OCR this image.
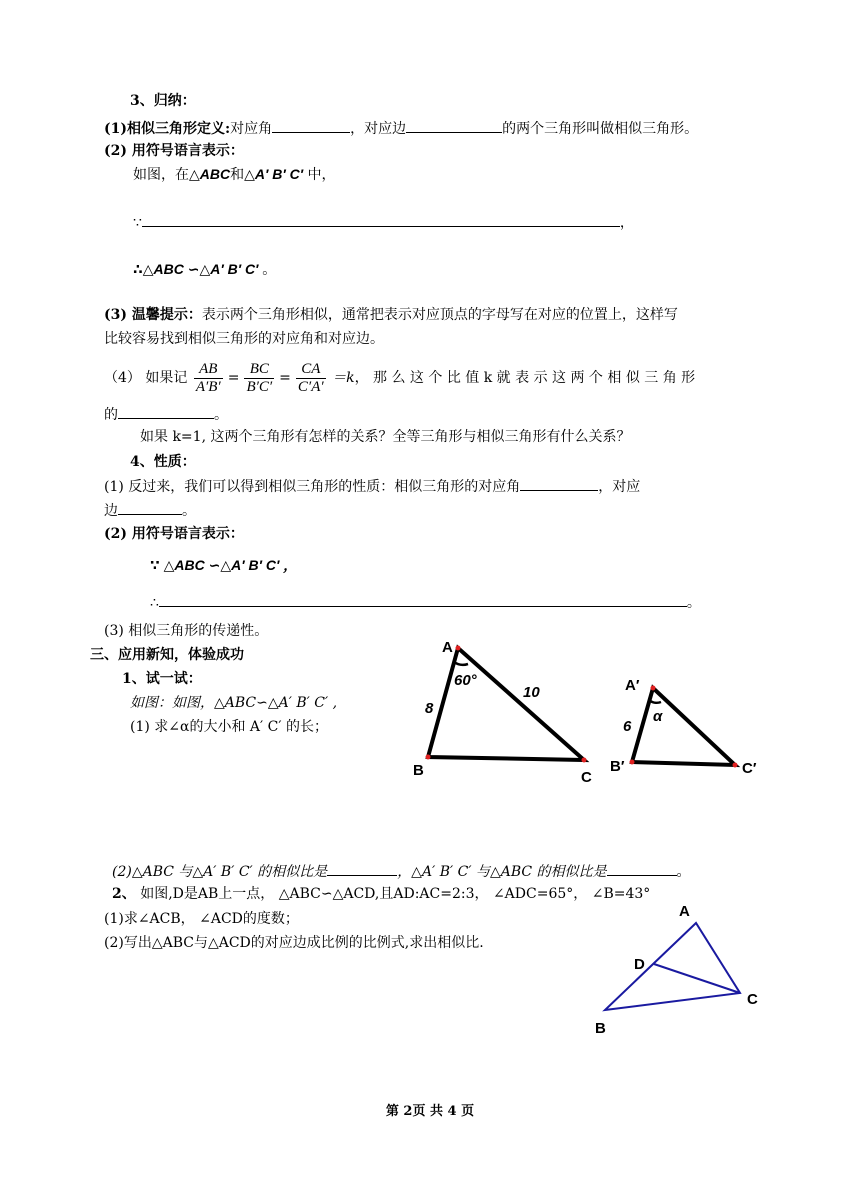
3、归纳：
(1)相似三角形定义:对应角	，对应边	的两个三角形叫做相似三角形。
(2) 用符号语言表示：
如图，在△ABC和△A′ B′ C′ 中，
∵	，
∴△ABC ∽△A′ B′ C′ 。
(3) 温馨提示：表示两个三角形相似，通常把表示对应顶点的字母写在对应的位置上，这样写
比较容易找到相似三角形的对应角和对应边。
（4） 如果记 $\frac{AB}{A'B'} = \frac{BC}{B'C'} = \frac{CA}{C'A'} =k$， 那 么 这 个 比 值 k 就 表 示 这 两 个 相 似 三 角 形
的	。
如果 k=1, 这两个三角形有怎样的关系？全等三角形与相似三角形有什么关系？
4、性质：
(1) 反过来，我们可以得到相似三角形的性质：相似三角形的对应角	，对应
边	。
(2) 用符号语言表示：
∵ △ABC ∽△A′ B′ C′ ，
∴	。
(3) 相似三角形的传递性。
三、应用新知，体验成功
1、试一试：
如图：如图，△ABC∽△A′ B′ C′ ,
(1) 求∠α的大小和 A′ C′ 的长；
A
B	C
60°
8
10	A′
B′	C′
α
6
(2)△ABC 与△A′ B′ C′ 的相似比是	，△A′ B′ C′ 与△ABC 的相似比是	。
2、 如图,D是AB上一点， △ABC∽△ACD,且AD:AC=2:3， ∠ADC=65°， ∠B=43°
(1)求∠ACB， ∠ACD的度数；
(2)写出△ABC与△ACD的对应边成比例的比例式,求出相似比.
A
B
C
D
第 2页 共 4 页
